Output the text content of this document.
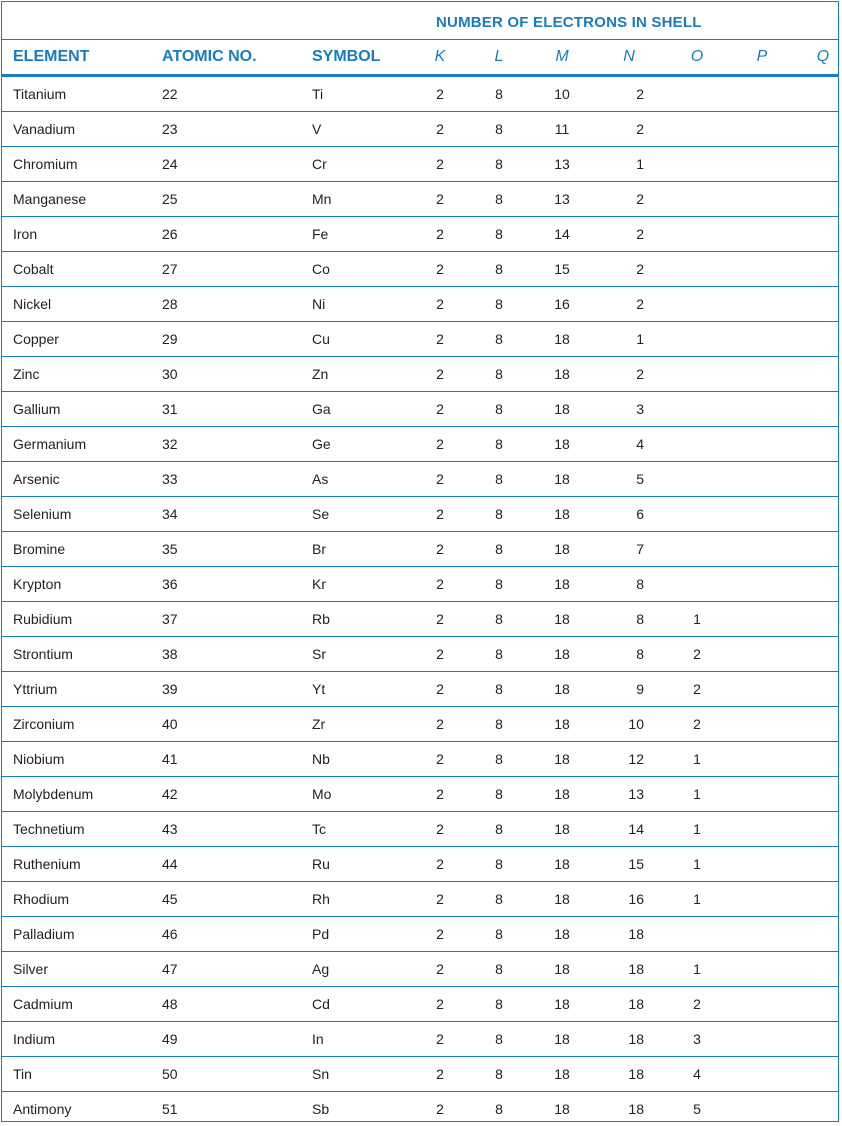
NUMBER OF ELECTRONS IN SHELL
ELEMENT	ATOMIC NO.	SYMBOL	K	L	M	N	O	P	Q
Titanium	22	Ti	2	8	10	2
Vanadium	23	V	2	8	11	2
Chromium	24	Cr	2	8	13	1
Manganese	25	Mn	2	8	13	2
Iron	26	Fe	2	8	14	2
Cobalt	27	Co	2	8	15	2
Nickel	28	Ni	2	8	16	2
Copper	29	Cu	2	8	18	1
Zinc	30	Zn	2	8	18	2
Gallium	31	Ga	2	8	18	3
Germanium	32	Ge	2	8	18	4
Arsenic	33	As	2	8	18	5
Selenium	34	Se	2	8	18	6
Bromine	35	Br	2	8	18	7
Krypton	36	Kr	2	8	18	8
Rubidium	37	Rb	2	8	18	8	1
Strontium	38	Sr	2	8	18	8	2
Yttrium	39	Yt	2	8	18	9	2
Zirconium	40	Zr	2	8	18	10	2
Niobium	41	Nb	2	8	18	12	1
Molybdenum	42	Mo	2	8	18	13	1
Technetium	43	Tc	2	8	18	14	1
Ruthenium	44	Ru	2	8	18	15	1
Rhodium	45	Rh	2	8	18	16	1
Palladium	46	Pd	2	8	18	18
Silver	47	Ag	2	8	18	18	1
Cadmium	48	Cd	2	8	18	18	2
Indium	49	In	2	8	18	18	3
Tin	50	Sn	2	8	18	18	4
Antimony	51	Sb	2	8	18	18	5
